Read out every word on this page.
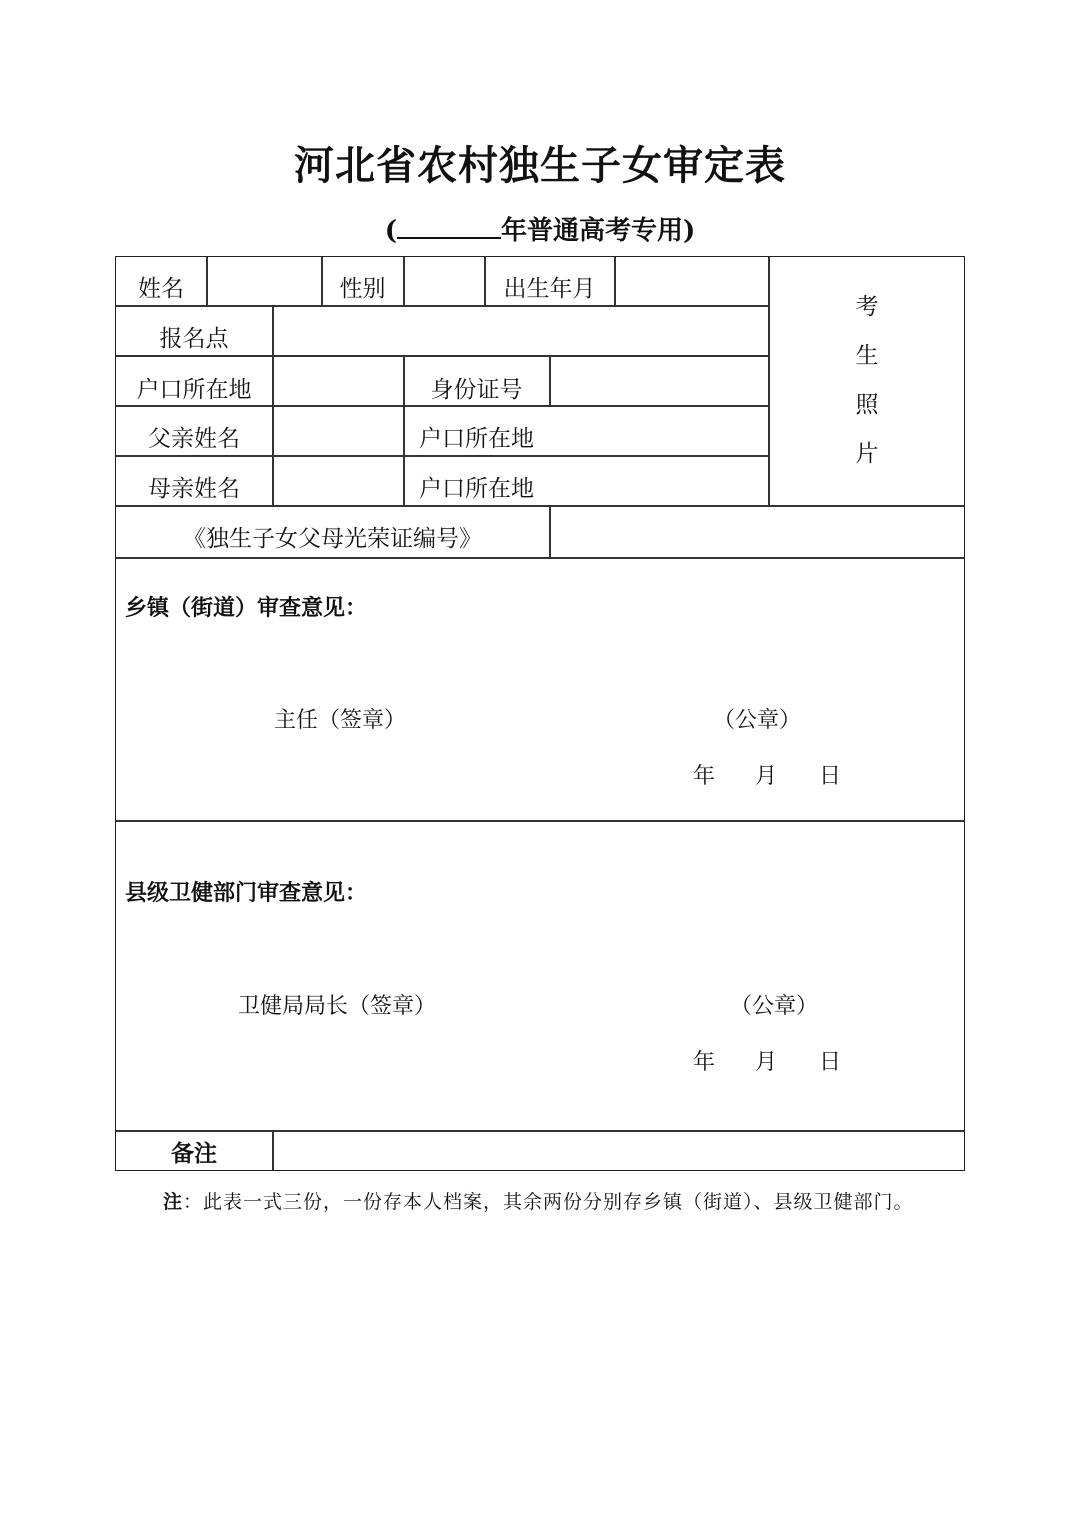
河北省农村独生子女审定表
(	年普通高考专用)
姓名	性别	出生年月
报名点
户口所在地	身份证号
父亲姓名	户口所在地
母亲姓名	户口所在地
考
生
照
片
《独生子女父母光荣证编号》
乡镇（街道）审查意见：
主任（签章）	（公章）
年 月 日
县级卫健部门审查意见：
卫健局局长（签章）	（公章）
年 月 日
备注
注：此表一式三份，一份存本人档案，其余两份分别存乡镇（街道）、县级卫健部门。
